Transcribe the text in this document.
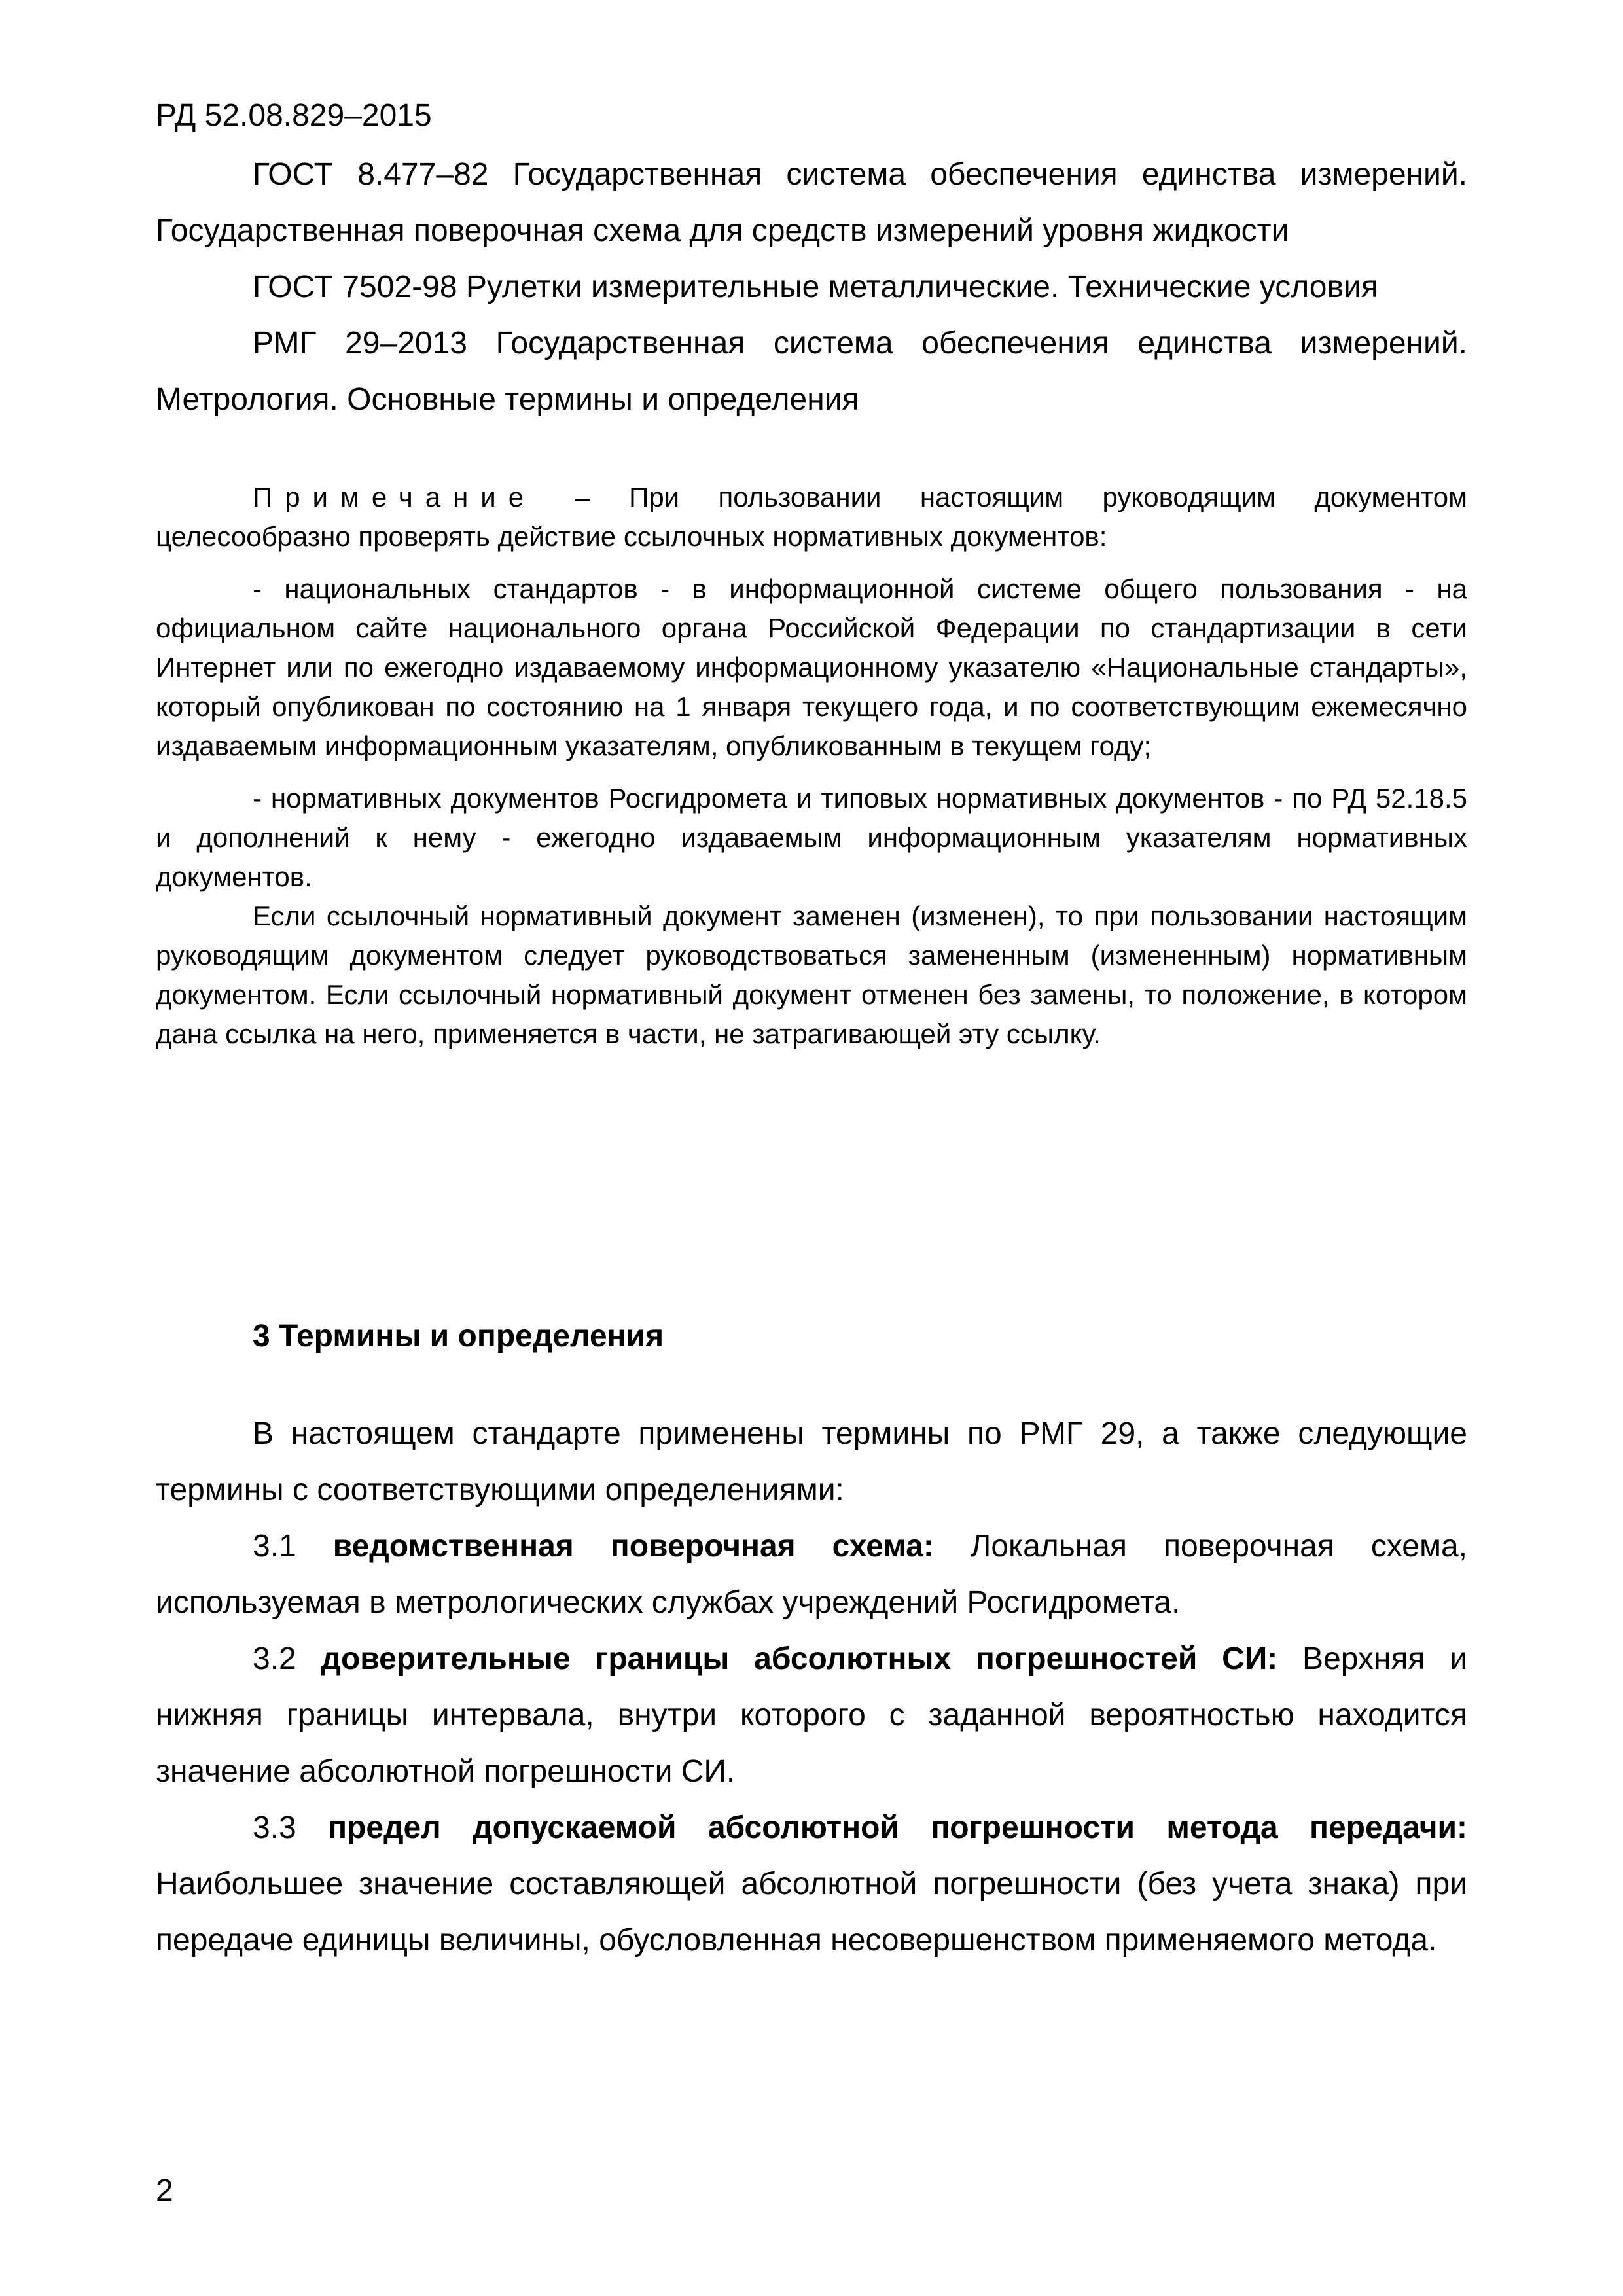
РД 52.08.829–2015

ГОСТ 8.477–82 Государственная система обеспечения единства измерений. Государственная поверочная схема для средств измерений уровня жидкости

ГОСТ 7502-98 Рулетки измерительные металлические. Технические условия

РМГ 29–2013 Государственная система обеспечения единства измерений. Метрология. Основные термины и определения

Примечание – При пользовании настоящим руководящим документом целесообразно проверять действие ссылочных нормативных документов:

- национальных стандартов - в информационной системе общего пользования - на официальном сайте национального органа Российской Федерации по стандартизации в сети Интернет или по ежегодно издаваемому информационному указателю «Национальные стандарты», который опубликован по состоянию на 1 января текущего года, и по соответствующим ежемесячно издаваемым информационным указателям, опубликованным в текущем году;

- нормативных документов Росгидромета и типовых нормативных документов - по РД 52.18.5 и дополнений к нему - ежегодно издаваемым информационным указателям нормативных документов.

Если ссылочный нормативный документ заменен (изменен), то при пользовании настоящим руководящим документом следует руководствоваться замененным (измененным) нормативным документом. Если ссылочный нормативный документ отменен без замены, то положение, в котором дана ссылка на него, применяется в части, не затрагивающей эту ссылку.

3 Термины и определения

В настоящем стандарте применены термины по РМГ 29, а также следующие термины с соответствующими определениями:

3.1 ведомственная поверочная схема: Локальная поверочная схема, используемая в метрологических службах учреждений Росгидромета.

3.2 доверительные границы абсолютных погрешностей СИ: Верхняя и нижняя границы интервала, внутри которого с заданной вероятностью находится значение абсолютной погрешности СИ.

3.3 предел допускаемой абсолютной погрешности метода передачи: Наибольшее значение составляющей абсолютной погрешности (без учета знака) при передаче единицы величины, обусловленная несовершенством применяемого метода.

2
